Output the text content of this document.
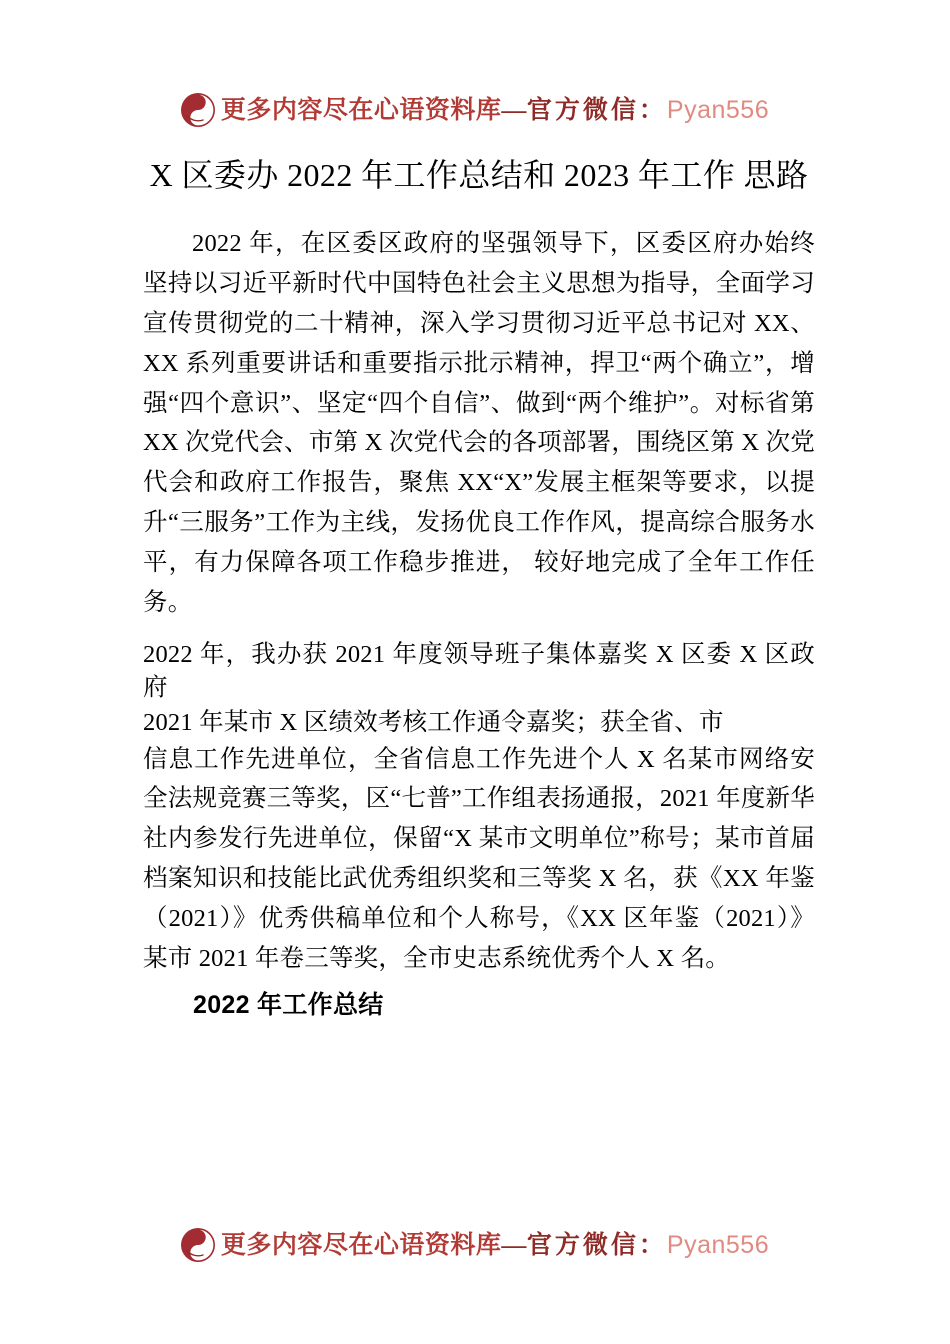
更多内容尽在心语资料库—官方微信：Pyan556
X 区委办 2022 年工作总结和 2023 年工作 思路

2022 年，在区委区政府的坚强领导下，区委区府办始终坚持以习近平新时代中国特色社会主义思想为指导，全面学习宣传贯彻党的二十精神，深入学习贯彻习近平总书记对 XX、XX 系列重要讲话和重要指示批示精神，捍卫“两个确立”，增强“四个意识”、坚定“四个自信”、做到“两个维护”。对标省第 XX 次党代会、市第 X 次党代会的各项部署，围绕区第 X 次党代会和政府工作报告，聚焦 XX“X”发展主框架等要求，以提升“三服务”工作为主线，发扬优良工作作风，提高综合服务水平，有力保障各项工作稳步推进， 较好地完成了全年工作任务。

2022 年，我办获 2021 年度领导班子集体嘉奖 X 区委 X 区政府

2021 年某市 X 区绩效考核工作通令嘉奖；获全省、市

信息工作先进单位，全省信息工作先进个人 X 名某市网络安全法规竞赛三等奖，区“七普”工作组表扬通报，2021 年度新华社内参发行先进单位，保留“X 某市文明单位”称号；某市首届档案知识和技能比武优秀组织奖和三等奖 X 名，获《XX 年鉴（2021）》优秀供稿单位和个人称号，《XX 区年鉴（2021）》某市 2021 年卷三等奖，全市史志系统优秀个人 X 名。

2022 年工作总结

更多内容尽在心语资料库—官方微信：Pyan556
